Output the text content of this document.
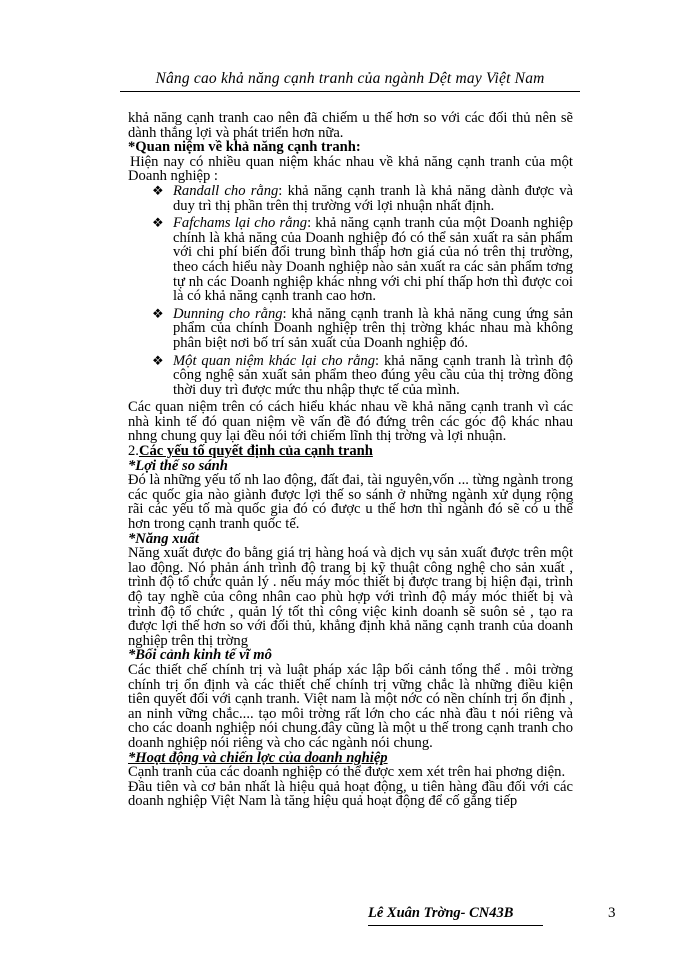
Nâng cao khả năng cạnh tranh của ngành Dệt may Việt Nam

khả năng cạnh tranh cao nên đã chiếm u thế hơn so với các đối thủ nên sẽ dành thắng lợi và phát triển hơn nữa.

*Quan niệm về khả năng cạnh tranh:

Hiện nay có nhiều quan niệm khác nhau về khả năng cạnh tranh của một Doanh nghiệp :

❖ Randall cho rằng: khả năng cạnh tranh là khả năng dành được và duy trì thị phần trên thị trường với lợi nhuận nhất định.
❖ Fafchams lại cho rằng: khả năng cạnh tranh của một Doanh nghiệp chính là khả năng của Doanh nghiệp đó có thể sản xuất ra sản phẩm với chi phí biến đổi trung bình thấp hơn giá của nó trên thị trường, theo cách hiểu này Doanh nghiệp nào sản xuất ra các sản phẩm tơng tự nh các Doanh nghiệp khác nhng với chi phí thấp hơn thì được coi là có khả năng cạnh tranh cao hơn.
❖ Dunning cho rằng: khả năng cạnh tranh là khả năng cung ứng sản phẩm của chính Doanh nghiệp trên thị trờng khác nhau mà không phân biệt nơi bố trí sản xuất của Doanh nghiệp đó.
❖ Một quan niệm khác lại cho rằng: khả năng cạnh tranh là trình độ công nghệ sản xuất sản phẩm theo đúng yêu cầu của thị trờng đồng thời duy trì được mức thu nhập thực tế của mình.

Các quan niệm trên có cách hiểu khác nhau về khả năng cạnh tranh vì các nhà kinh tế đó quan niệm về vấn đề đó đứng trên các góc độ khác nhau nhng chung quy lại đều nói tới chiếm lĩnh thị trờng và lợi nhuận.

2.Các yếu tố quyết định của cạnh tranh

*Lợi thế so sánh

Đó là những yếu tố nh lao động, đất đai, tài nguyên,vốn ... từng ngành trong các quốc gia nào giành được lợi thế so sánh ở những ngành xử dụng rộng rãi các yếu tố mà quốc gia đó có được u thế hơn thì ngành đó sẽ có u thế hơn trong cạnh tranh quốc tế.

*Năng xuất

Năng xuất được đo bằng giá trị hàng hoá và dịch vụ sản xuất được trên một lao động. Nó phản ánh trình độ trang bị kỹ thuật công nghệ cho sản xuất , trình độ tổ chức quản lý . nếu máy móc thiết bị được trang bị hiện đại, trình độ tay nghề của công nhân cao phù hợp với trình độ máy móc thiết bị và trình độ tổ chức , quản lý tốt thì công việc kinh doanh sẽ suôn sẻ , tạo ra được lợi thế hơn so với đối thủ, khẳng định khả năng cạnh tranh của doanh nghiệp trên thị trờng

*Bối cảnh kinh tế vĩ mô

Các thiết chế chính trị và luật pháp xác lập bối cảnh tổng thể . môi trờng chính trị ổn định và các thiết chế chính trị vững chắc là những điều kiện tiên quyết đối với cạnh tranh. Việt nam là một nớc có nền chính trị ổn định , an ninh vững chắc.... tạo môi trờng rất lớn cho các nhà đầu t nói riêng và cho các doanh nghiệp nói chung.đây cũng là một u thế trong cạnh tranh cho doanh nghiệp nói riêng và cho các ngành nói chung.

*Hoạt động và chiến lợc của doanh nghiệp

Cạnh tranh của các doanh nghiệp có thể được xem xét trên hai phơng diện.

Đầu tiên và cơ bản nhất là hiệu quả hoạt động, u tiên hàng đầu đối với các doanh nghiệp Việt Nam là tăng hiệu quả hoạt động để cố gắng tiếp

Lê Xuân Trờng- CN43B	3
